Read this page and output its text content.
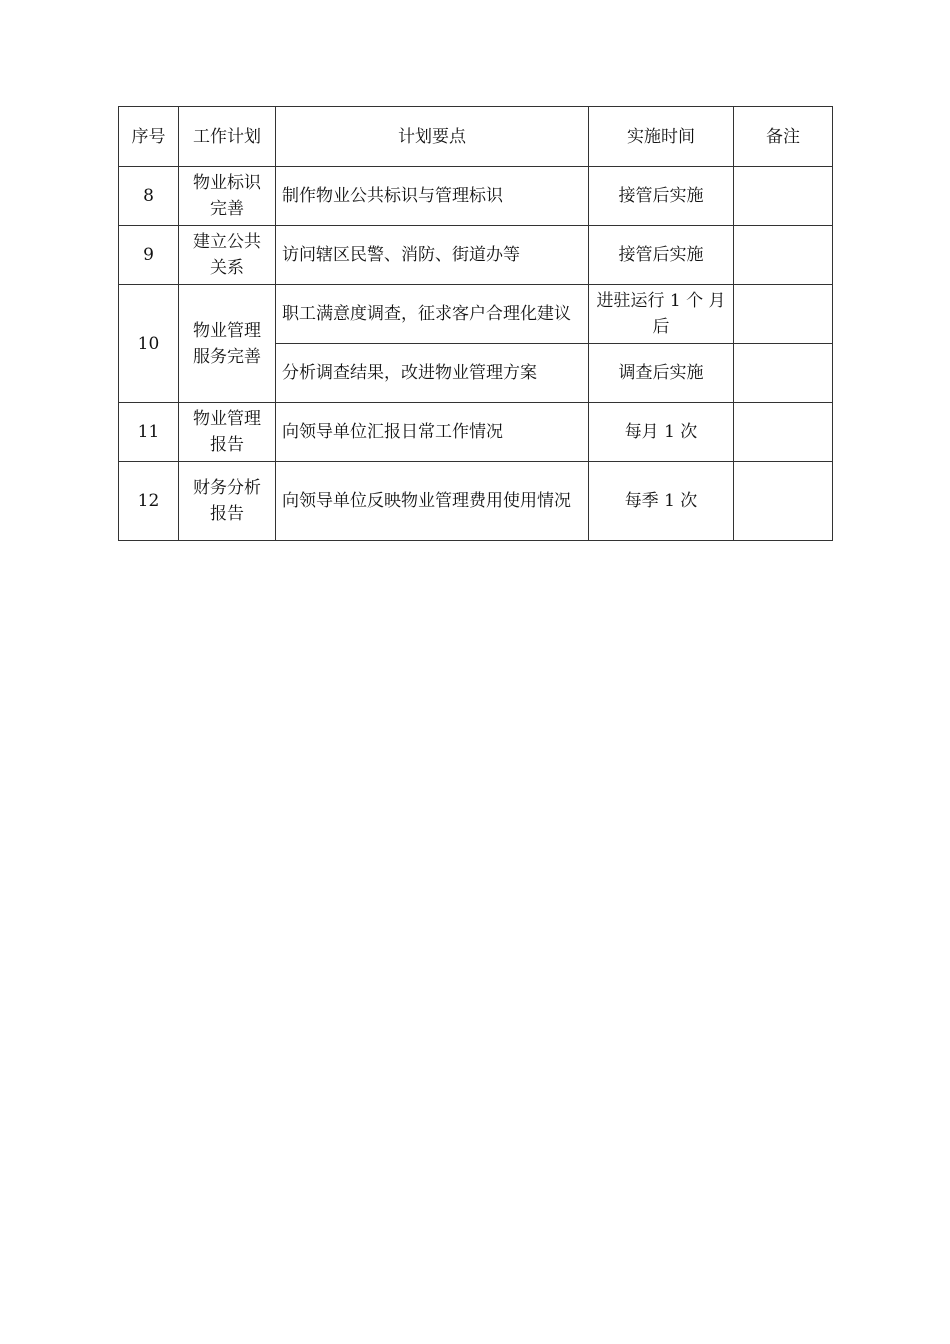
序号	工作计划	计划要点	实施时间	备注
8	物业标识完善	制作物业公共标识与管理标识	接管后实施	
9	建立公共关系	访问辖区民警、消防、街道办等	接管后实施	
10	物业管理服务完善	职工满意度调查，征求客户合理化建议	进驻运行 1 个 月后	
		分析调查结果，改进物业管理方案	调查后实施	
11	物业管理报告	向领导单位汇报日常工作情况	每月 1 次	
12	财务分析报告	向领导单位反映物业管理费用使用情况	每季 1 次	
